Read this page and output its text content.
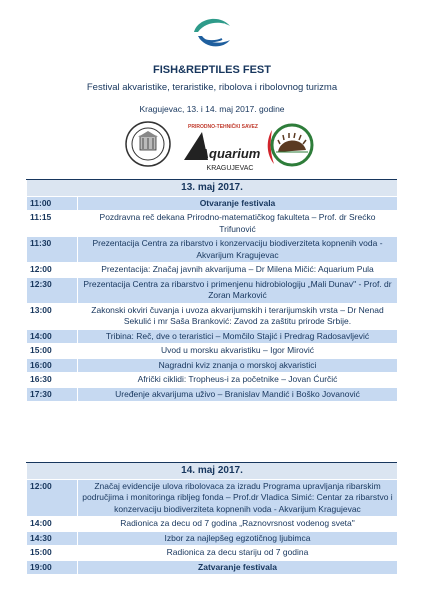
FISH&REPTILES FEST
Festival akvaristike, teraristike, ribolova i ribolovnog turizma
Kragujevac, 13. i 14. maj 2017. godine
PRIRODNO-TEHNIČKI SAVEZ
Aquarium
KRAGUJEVAC
13. maj 2017.	
11:00	Otvaranje festivala
11:15	Pozdravna reč dekana Prirodno-matematičkog fakulteta – Prof. dr Srećko Trifunović
11:30	Prezentacija Centra za ribarstvo i konzervaciju biodiverziteta kopnenih voda - Akvarijum Kragujevac
12:00	Prezentacija: Značaj javnih akvarijuma – Dr Milena Mičić: Aquarium Pula
12:30	Prezentacija Centra za ribarstvo i primenjenu hidrobiologiju „Mali Dunav" - Prof. dr Zoran Marković
13:00	Zakonski okviri čuvanja i uvoza akvarijumskih i terarijumskih vrsta – Dr Nenad Sekulić i mr Saša Branković: Zavod za zaštitu prirode Srbije.
14:00	Tribina: Reč, dve o teraristici – Momčilo Stajić i Predrag Radosavljević
15:00	Uvod u morsku akvaristiku – Igor Mirović
16:00	Nagradni kviz znanja o morskoj akvaristici
16:30	Afrički ciklidi: Tropheus-i za početnike – Jovan Ćurčić
17:30	Uređenje akvarijuma uživo – Branislav Mandić i Boško Jovanović
14. maj 2017.	
12:00	Značaj evidencije ulova ribolovaca za izradu Programa upravljanja ribarskim područjima i monitoringa ribljeg fonda – Prof.dr Vladica Simić: Centar za ribarstvo i konzervaciju biodiverziteta kopnenih voda - Akvarijum Kragujevac
14:00	Radionica za decu od 7 godina „Raznovrsnost vodenog sveta"
14:30	Izbor za najlepšeg egzotičnog ljubimca
15:00	Radionica za decu stariju od 7 godina
19:00	Zatvaranje festivala
